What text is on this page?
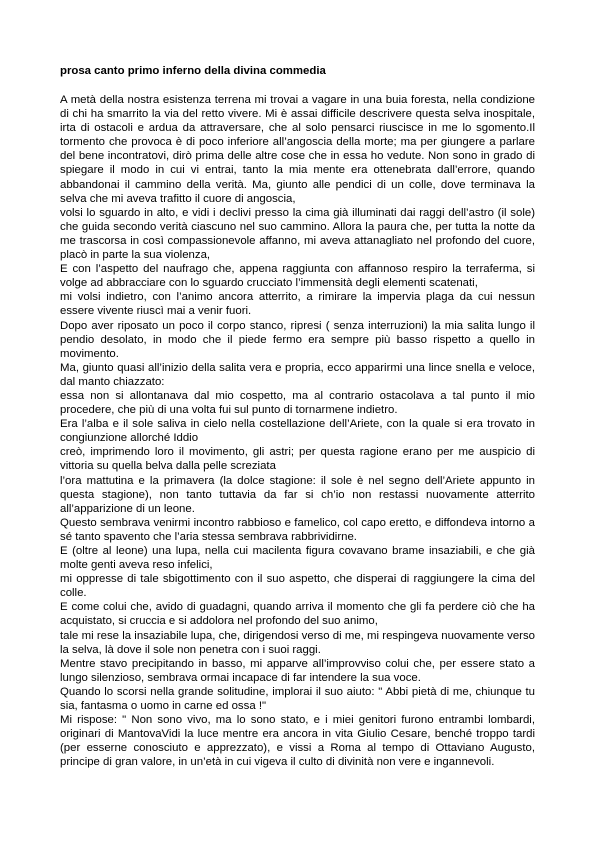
prosa canto primo inferno della divina commedia

A metà della nostra esistenza terrena mi trovai a vagare in una buia foresta, nella condizione di chi ha smarrito la via del retto vivere. Mi è assai difficile descrivere questa selva inospitale, irta di ostacoli e ardua da attraversare, che al solo pensarci riuscisce in me lo sgomento.Il tormento che provoca è di poco inferiore all’angoscia della morte; ma per giungere a parlare del bene incontratovi, dirò prima delle altre cose che in essa ho vedute. Non sono in grado di spiegare il modo in cui vi entrai, tanto la mia mente era ottenebrata dall’errore, quando abbandonai il cammino della verità. Ma, giunto alle pendici di un colle, dove terminava la selva che mi aveva trafitto il cuore di angoscia,

volsi lo sguardo in alto, e vidi i declivi presso la cima già illuminati dai raggi dell’astro (il sole) che guida secondo verità ciascuno nel suo cammino. Allora la paura che, per tutta la notte da me trascorsa in così compassionevole affanno, mi aveva attanagliato nel profondo del cuore, placò in parte la sua violenza,

E con l’aspetto del naufrago che, appena raggiunta con affannoso respiro la terraferma, si volge ad abbracciare con lo sguardo crucciato l’immensità degli elementi scatenati,

mi volsi indietro, con l’animo ancora atterrito, a rimirare la impervia plaga da cui nessun essere vivente riuscì mai a venir fuori.

Dopo aver riposato un poco il corpo stanco, ripresi ( senza interruzioni) la mia salita lungo il pendio desolato, in modo che il piede fermo era sempre più basso rispetto a quello in movimento.

Ma, giunto quasi all’inizio della salita vera e propria, ecco apparirmi una lince snella e veloce, dal manto chiazzato:

essa non si allontanava dal mio cospetto, ma al contrario ostacolava a tal punto il mio procedere, che più di una volta fui sul punto di tornarmene indietro.

Era l’alba e il sole saliva in cielo nella costellazione dell’Ariete, con la quale si era trovato in congiunzione allorché Iddio

creò, imprimendo loro il movimento, gli astri; per questa ragione erano per me auspicio di vittoria su quella belva dalla pelle screziata

l’ora mattutina e la primavera (la dolce stagione: il sole è nel segno dell’Ariete appunto in questa stagione), non tanto tuttavia da far si ch’io non restassi nuovamente atterrito all’apparizione di un leone.

Questo sembrava venirmi incontro rabbioso e famelico, col capo eretto, e diffondeva intorno a sé tanto spavento che l’aria stessa sembrava rabbrividirne.

E (oltre al leone) una lupa, nella cui macilenta figura covavano brame insaziabili, e che già molte genti aveva reso infelici,

mi oppresse di tale sbigottimento con il suo aspetto, che disperai di raggiungere la cima del colle.

E come colui che, avido di guadagni, quando arriva il momento che gli fa perdere ciò che ha acquistato, si cruccia e si addolora nel profondo del suo animo,

tale mi rese la insaziabile lupa, che, dirigendosi verso di me, mi respingeva nuovamente verso la selva, là dove il sole non penetra con i suoi raggi.

Mentre stavo precipitando in basso, mi apparve all’improvviso colui che, per essere stato a lungo silenzioso, sembrava ormai incapace di far intendere la sua voce.

Quando lo scorsi nella grande solitudine, implorai il suo aiuto: " Abbi pietà di me, chiunque tu sia, fantasma o uomo in carne ed ossa !"

Mi rispose: " Non sono vivo, ma lo sono stato, e i miei genitori furono entrambi lombardi, originari di MantovaVidi la luce mentre era ancora in vita Giulio Cesare, benché troppo tardi (per esserne conosciuto e apprezzato), e vissi a Roma al tempo di Ottaviano Augusto, principe di gran valore, in un’età in cui vigeva il culto di divinità non vere e ingannevoli.
